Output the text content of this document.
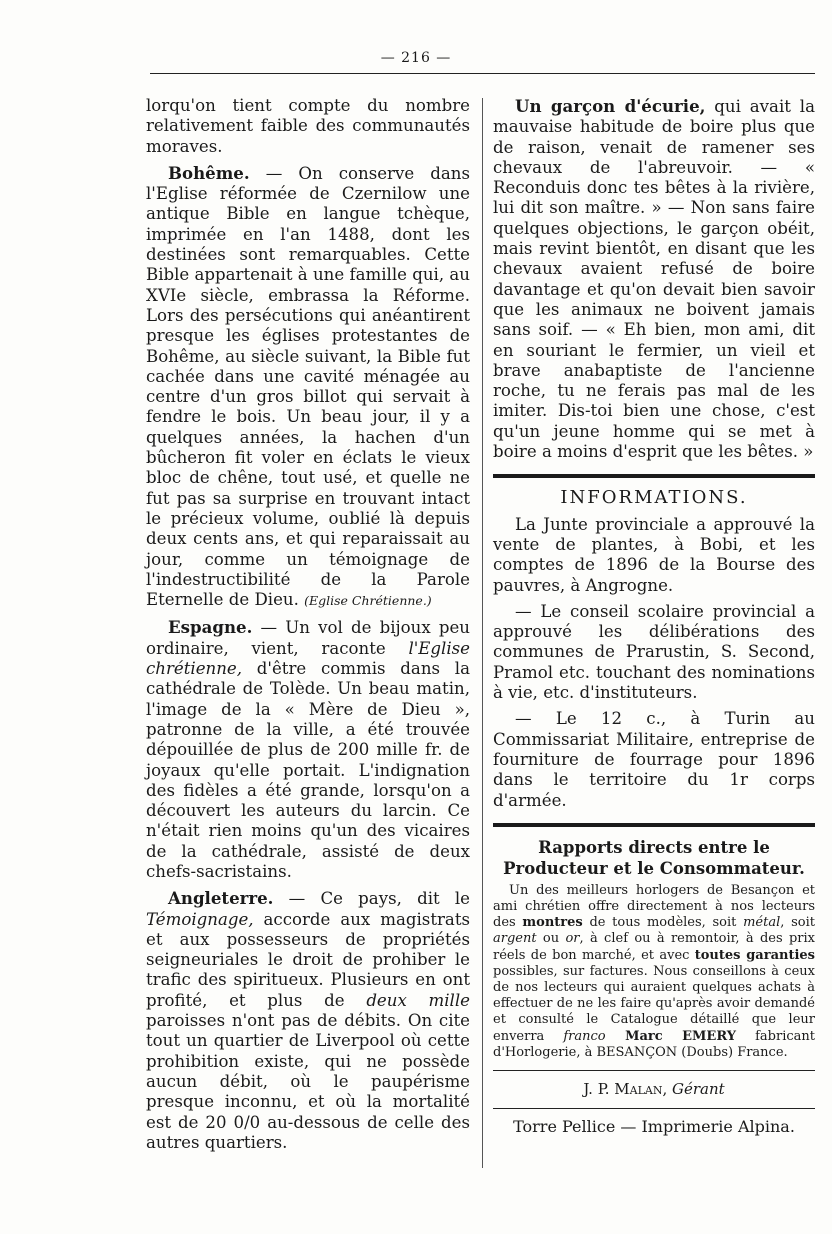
— 216 —

lorqu'on tient compte du nombre relativement faible des communautés moraves.

Bohême. — On conserve dans l'Eglise réformée de Czernilow une antique Bible en langue tchèque, imprimée en l'an 1488, dont les destinées sont remarquables. Cette Bible appartenait à une famille qui, au XVIe siècle, embrassa la Réforme. Lors des persécutions qui anéantirent presque les églises protestantes de Bohême, au siècle suivant, la Bible fut cachée dans une cavité ménagée au centre d'un gros billot qui servait à fendre le bois. Un beau jour, il y a quelques années, la hachen d'un bûcheron fit voler en éclats le vieux bloc de chêne, tout usé, et quelle ne fut pas sa surprise en trouvant intact le précieux volume, oublié là depuis deux cents ans, et qui reparaissait au jour, comme un témoignage de l'indestructibilité de la Parole Eternelle de Dieu. (Eglise Chrétienne.)

Espagne. — Un vol de bijoux peu ordinaire, vient, raconte l'Eglise chrétienne, d'être commis dans la cathédrale de Tolède. Un beau matin, l'image de la « Mère de Dieu », patronne de la ville, a été trouvée dépouillée de plus de 200 mille fr. de joyaux qu'elle portait. L'indignation des fidèles a été grande, lorsqu'on a découvert les auteurs du larcin. Ce n'était rien moins qu'un des vicaires de la cathédrale, assisté de deux chefs-sacristains.

Angleterre. — Ce pays, dit le Témoignage, accorde aux magistrats et aux possesseurs de propriétés seigneuriales le droit de prohiber le trafic des spiritueux. Plusieurs en ont profité, et plus de deux mille paroisses n'ont pas de débits. On cite tout un quartier de Liverpool où cette prohibition existe, qui ne possède aucun débit, où le paupérisme presque inconnu, et où la mortalité est de 20 0/0 au-dessous de celle des autres quartiers.

Un garçon d'écurie, qui avait la mauvaise habitude de boire plus que de raison, venait de ramener ses chevaux de l'abreuvoir. — « Reconduis donc tes bêtes à la rivière, lui dit son maître. » — Non sans faire quelques objections, le garçon obéit, mais revint bientôt, en disant que les chevaux avaient refusé de boire davantage et qu'on devait bien savoir que les animaux ne boivent jamais sans soif. — « Eh bien, mon ami, dit en souriant le fermier, un vieil et brave anabaptiste de l'ancienne roche, tu ne ferais pas mal de les imiter. Dis-toi bien une chose, c'est qu'un jeune homme qui se met à boire a moins d'esprit que les bêtes. »

INFORMATIONS.

La Junte provinciale a approuvé la vente de plantes, à Bobi, et les comptes de 1896 de la Bourse des pauvres, à Angrogne.

— Le conseil scolaire provincial a approuvé les délibérations des communes de Prarustin, S. Second, Pramol etc. touchant des nominations à vie, etc. d'instituteurs.

— Le 12 c., à Turin au Commissariat Militaire, entreprise de fourniture de fourrage pour 1896 dans le territoire du 1r corps d'armée.

Rapports directs entre le Producteur et le Consommateur.

Un des meilleurs horlogers de Besançon et ami chrétien offre directement à nos lecteurs des montres de tous modèles, soit métal, soit argent ou or, à clef ou à remontoir, à des prix réels de bon marché, et avec toutes garanties possibles, sur factures. Nous conseillons à ceux de nos lecteurs qui auraient quelques achats à effectuer de ne les faire qu'après avoir demandé et consulté le Catalogue détaillé que leur enverra franco Marc EMERY fabricant d'Horlogerie, à BESANÇON (Doubs) France.

J. P. Malan, Gérant
Torre Pellice — Imprimerie Alpina.
